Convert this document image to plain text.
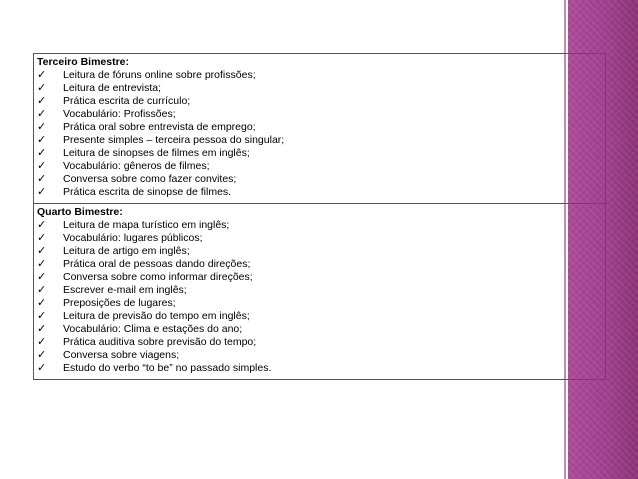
Terceiro Bimestre:
✓	Leitura de fóruns online sobre profissões;
✓	Leitura de entrevista;
✓	Prática escrita de currículo;
✓	Vocabulário: Profissões;
✓	Prática oral sobre entrevista de emprego;
✓	Presente simples – terceira pessoa do singular;
✓	Leitura de sinopses de filmes em inglês;
✓	Vocabulário: gêneros de filmes;
✓	Conversa sobre como fazer convites;
✓	Prática escrita de sinopse de filmes.

Quarto Bimestre:
✓	Leitura de mapa turístico em inglês;
✓	Vocabulário: lugares públicos;
✓	Leitura de artigo em inglês;
✓	Prática oral de pessoas dando direções;
✓	Conversa sobre como informar direções;
✓	Escrever e-mail em inglês;
✓	Preposições de lugares;
✓	Leitura de previsão do tempo em inglês;
✓	Vocabulário: Clima e estações do ano;
✓	Prática auditiva sobre previsão do tempo;
✓	Conversa sobre viagens;
✓	Estudo do verbo “to be” no passado simples.
